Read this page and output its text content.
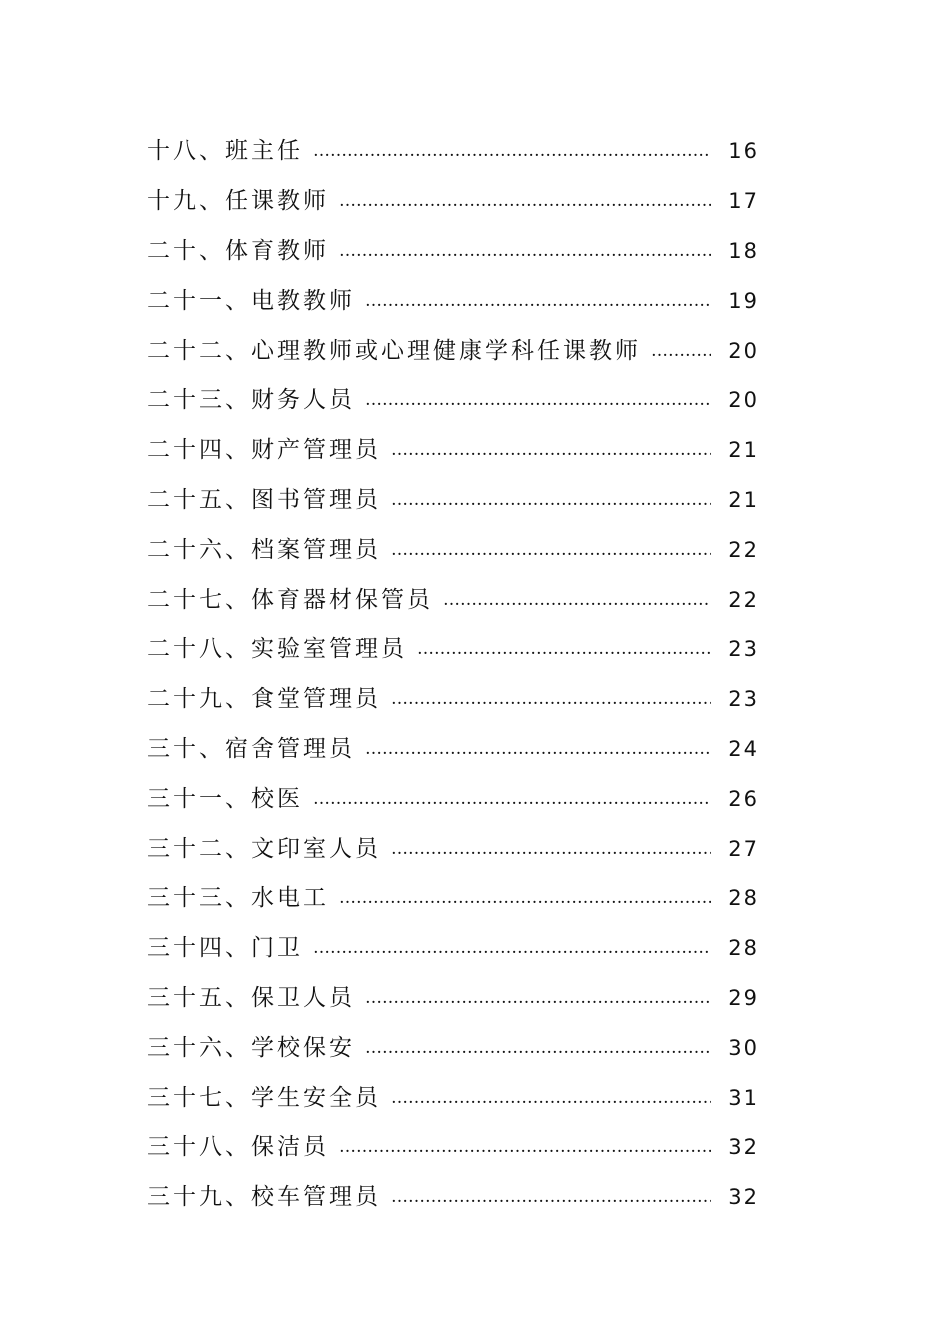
十八、班主任 …………………………………………………………………………………………………………………………………………	16
十九、任课教师 …………………………………………………………………………………………………………………………………………	17
二十、体育教师 …………………………………………………………………………………………………………………………………………	18
二十一、电教教师 …………………………………………………………………………………………………………………………………………	19
二十二、心理教师或心理健康学科任课教师 …………………………………………………………………………………………………………………………………………	20
二十三、财务人员 …………………………………………………………………………………………………………………………………………	20
二十四、财产管理员 …………………………………………………………………………………………………………………………………………	21
二十五、图书管理员 …………………………………………………………………………………………………………………………………………	21
二十六、档案管理员 …………………………………………………………………………………………………………………………………………	22
二十七、体育器材保管员 …………………………………………………………………………………………………………………………………………	22
二十八、实验室管理员 …………………………………………………………………………………………………………………………………………	23
二十九、食堂管理员 …………………………………………………………………………………………………………………………………………	23
三十、宿舍管理员 …………………………………………………………………………………………………………………………………………	24
三十一、校医 …………………………………………………………………………………………………………………………………………	26
三十二、文印室人员 …………………………………………………………………………………………………………………………………………	27
三十三、水电工 …………………………………………………………………………………………………………………………………………	28
三十四、门卫 …………………………………………………………………………………………………………………………………………	28
三十五、保卫人员 …………………………………………………………………………………………………………………………………………	29
三十六、学校保安 …………………………………………………………………………………………………………………………………………	30
三十七、学生安全员 …………………………………………………………………………………………………………………………………………	31
三十八、保洁员 …………………………………………………………………………………………………………………………………………	32
三十九、校车管理员 …………………………………………………………………………………………………………………………………………	32
